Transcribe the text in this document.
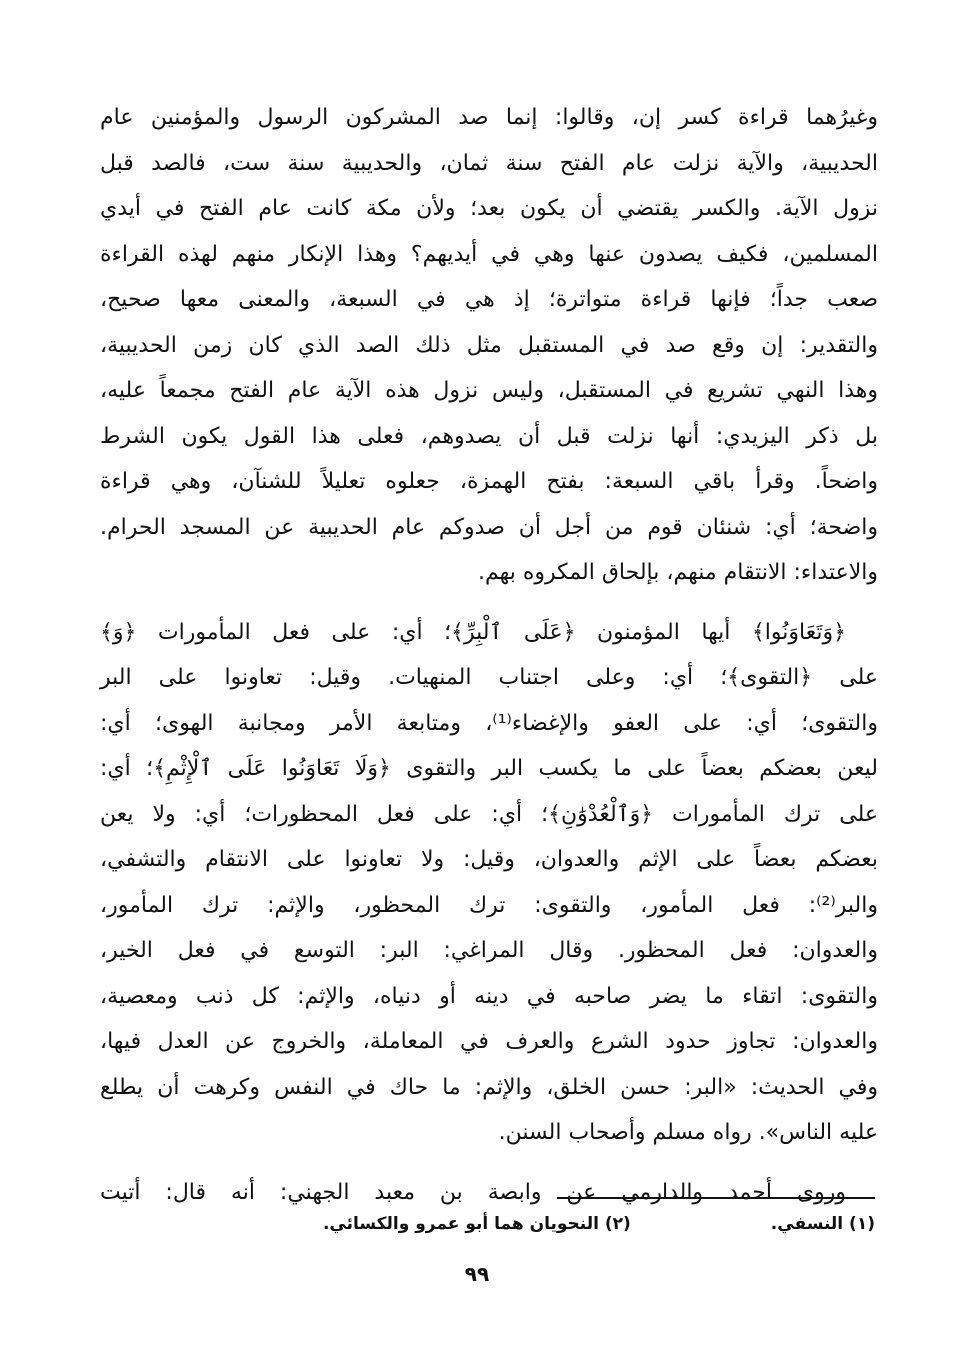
وغيرُهما قراءة كسر إن، وقالوا: إنما صد المشركون الرسول والمؤمنين عام
الحديبية، والآية نزلت عام الفتح سنة ثمان، والحديبية سنة ست، فالصد قبل
نزول الآية. والكسر يقتضي أن يكون بعد؛ ولأن مكة كانت عام الفتح في أيدي
المسلمين، فكيف يصدون عنها وهي في أيديهم؟ وهذا الإنكار منهم لهذه القراءة
صعب جداً؛ فإنها قراءة متواترة؛ إذ هي في السبعة، والمعنى معها صحيح،
والتقدير: إن وقع صد في المستقبل مثل ذلك الصد الذي كان زمن الحديبية،
وهذا النهي تشريع في المستقبل، وليس نزول هذه الآية عام الفتح مجمعاً عليه،
بل ذكر اليزيدي: أنها نزلت قبل أن يصدوهم، فعلى هذا القول يكون الشرط
واضحاً. وقرأ باقي السبعة: بفتح الهمزة، جعلوه تعليلاً للشنآن، وهي قراءة
واضحة؛ أي: شنئان قوم من أجل أن صدوكم عام الحديبية عن المسجد الحرام.
والاعتداء: الانتقام منهم، بإلحاق المكروه بهم.

﴿وَتَعَاوَنُوا﴾ أيها المؤمنون ﴿عَلَى ٱلْبِرِّ﴾؛ أي: على فعل المأمورات ﴿وَ﴾
على ﴿التقوى﴾؛ أي: وعلى اجتناب المنهيات. وقيل: تعاونوا على البر
والتقوى؛ أي: على العفو والإغضاء⁽¹⁾، ومتابعة الأمر ومجانبة الهوى؛ أي:
ليعن بعضكم بعضاً على ما يكسب البر والتقوى ﴿وَلَا تَعَاوَنُوا عَلَى ٱلْإِثْمِ﴾؛ أي:
على ترك المأمورات ﴿وَٱلْعُدْوَٰنِ﴾؛ أي: على فعل المحظورات؛ أي: ولا يعن
بعضكم بعضاً على الإثم والعدوان، وقيل: ولا تعاونوا على الانتقام والتشفي،
والبر⁽²⁾: فعل المأمور، والتقوى: ترك المحظور، والإثم: ترك المأمور،
والعدوان: فعل المحظور. وقال المراغي: البر: التوسع في فعل الخير،
والتقوى: اتقاء ما يضر صاحبه في دينه أو دنياه، والإثم: كل ذنب ومعصية،
والعدوان: تجاوز حدود الشرع والعرف في المعاملة، والخروج عن العدل فيها،
وفي الحديث: «البر: حسن الخلق، والإثم: ما حاك في النفس وكرهت أن يطلع
عليه الناس». رواه مسلم وأصحاب السنن.

وروى أحمد والدارمي عن وابصة بن معبد الجهني: أنه قال: أتيت

(١) النسفي.
(٢) النحويان هما أبو عمرو والكسائي.
٩٩
